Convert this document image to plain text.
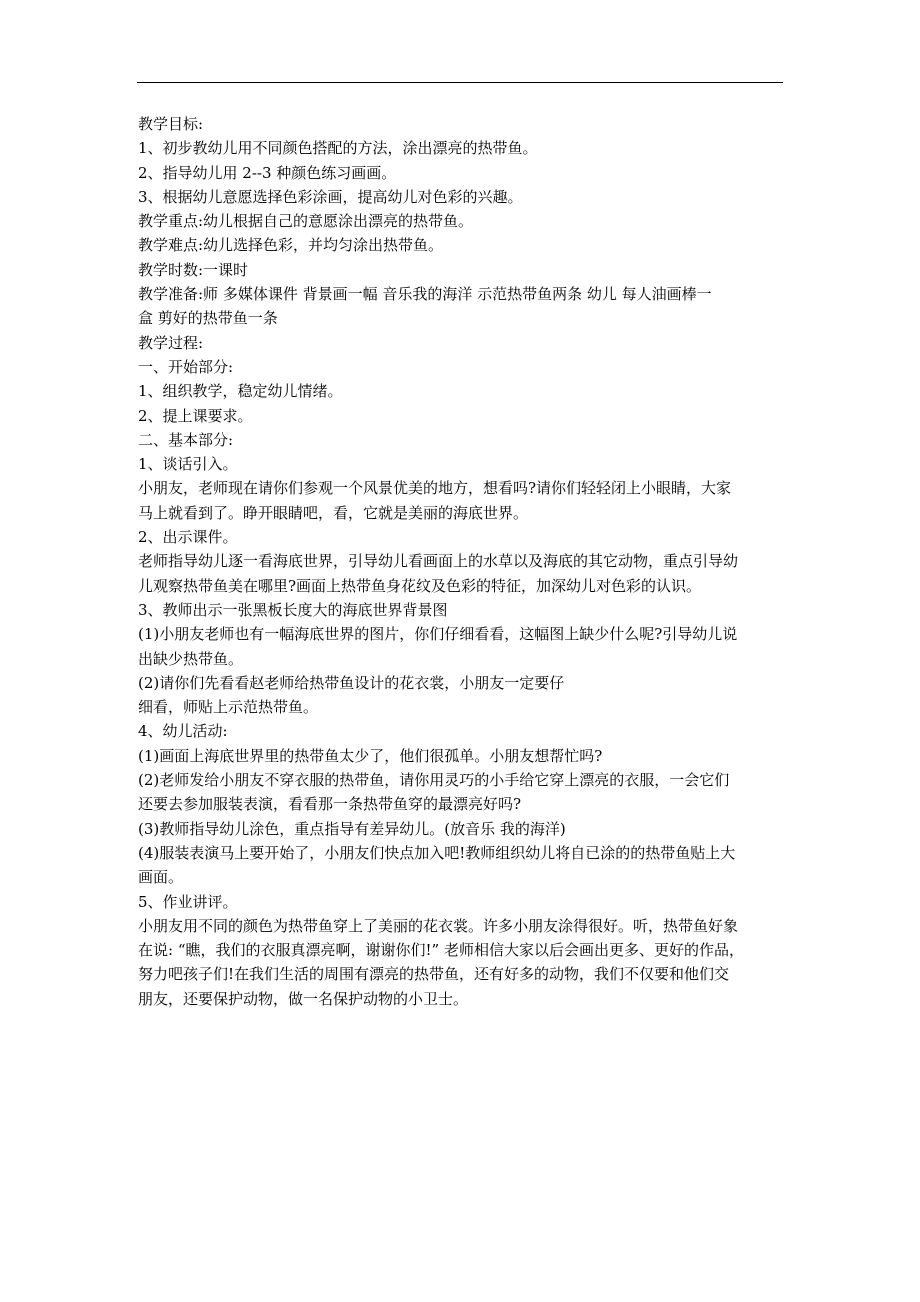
教学目标:
1、初步教幼儿用不同颜色搭配的方法，涂出漂亮的热带鱼。
2、指导幼儿用 2--3 种颜色练习画画。
3、根据幼儿意愿选择色彩涂画，提高幼儿对色彩的兴趣。
教学重点:幼儿根据自己的意愿涂出漂亮的热带鱼。
教学难点:幼儿选择色彩，并均匀涂出热带鱼。
教学时数:一课时
教学准备:师 多媒体课件 背景画一幅 音乐我的海洋 示范热带鱼两条 幼儿 每人油画棒一
盒 剪好的热带鱼一条
教学过程:
一、开始部分:
1、组织教学，稳定幼儿情绪。
2、提上课要求。
二、基本部分:
1、谈话引入。
小朋友，老师现在请你们参观一个风景优美的地方，想看吗?请你们轻轻闭上小眼睛，大家
马上就看到了。睁开眼睛吧，看，它就是美丽的海底世界。
2、出示课件。
老师指导幼儿逐一看海底世界，引导幼儿看画面上的水草以及海底的其它动物，重点引导幼
儿观察热带鱼美在哪里?画面上热带鱼身花纹及色彩的特征，加深幼儿对色彩的认识。
3、教师出示一张黑板长度大的海底世界背景图
(1)小朋友老师也有一幅海底世界的图片，你们仔细看看，这幅图上缺少什么呢?引导幼儿说
出缺少热带鱼。
(2)请你们先看看赵老师给热带鱼设计的花衣裳，小朋友一定要仔
细看，师贴上示范热带鱼。
4、幼儿活动:
(1)画面上海底世界里的热带鱼太少了，他们很孤单。小朋友想帮忙吗?
(2)老师发给小朋友不穿衣服的热带鱼，请你用灵巧的小手给它穿上漂亮的衣服，一会它们
还要去参加服装表演，看看那一条热带鱼穿的最漂亮好吗?
(3)教师指导幼儿涂色，重点指导有差异幼儿。(放音乐 我的海洋)
(4)服装表演马上要开始了，小朋友们快点加入吧!教师组织幼儿将自已涂的的热带鱼贴上大
画面。
5、作业讲评。
小朋友用不同的颜色为热带鱼穿上了美丽的花衣裳。许多小朋友涂得很好。听，热带鱼好象
在说: “瞧，我们的衣服真漂亮啊，谢谢你们!” 老师相信大家以后会画出更多、更好的作品，
努力吧孩子们!在我们生活的周围有漂亮的热带鱼，还有好多的动物，我们不仅要和他们交
朋友，还要保护动物，做一名保护动物的小卫士。
